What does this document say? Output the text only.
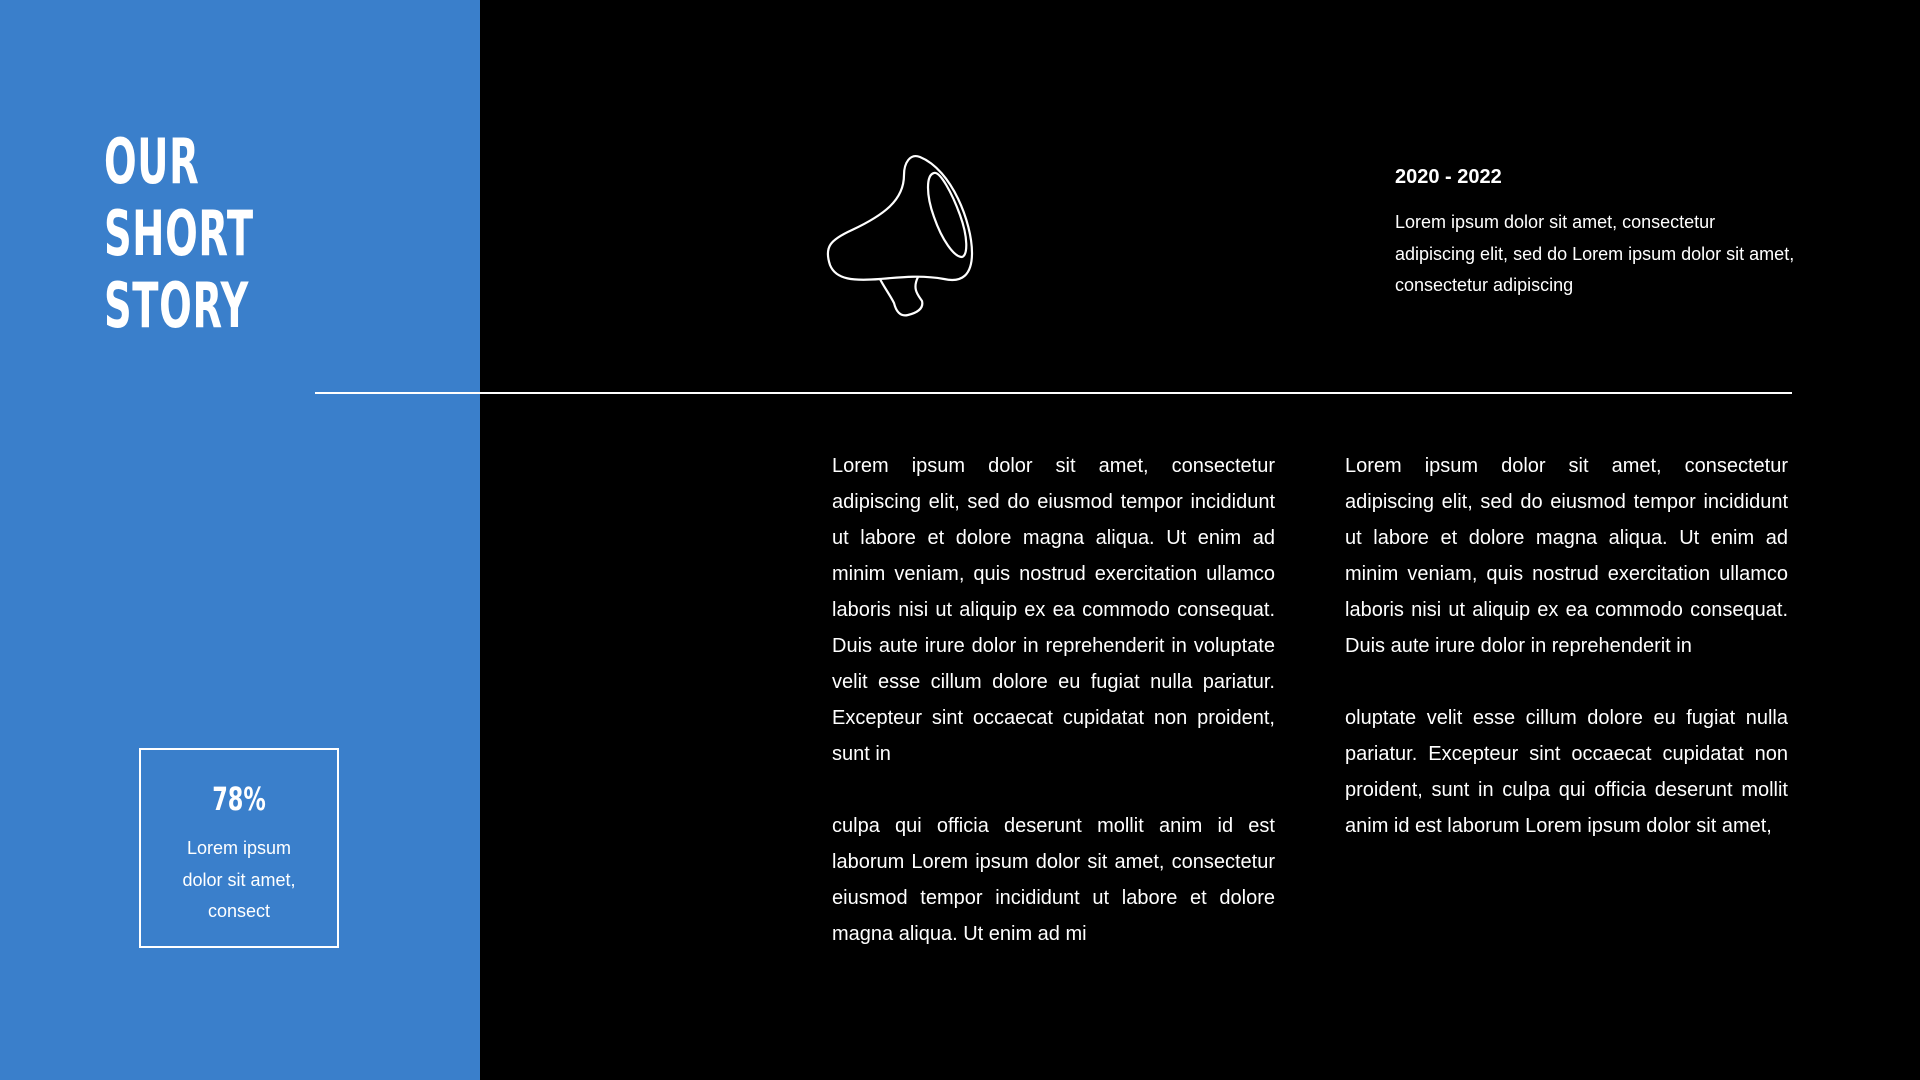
OUR
SHORT
STORY

2020 - 2022

Lorem ipsum dolor sit amet, consectetur adipiscing elit, sed do Lorem ipsum dolor sit amet, consectetur adipiscing

Lorem ipsum dolor sit amet, consectetur adipiscing elit, sed do eiusmod tempor incididunt ut labore et dolore magna aliqua. Ut enim ad minim veniam, quis nostrud exercitation ullamco laboris nisi ut aliquip ex ea commodo consequat. Duis aute irure dolor in reprehenderit in voluptate velit esse cillum dolore eu fugiat nulla pariatur. Excepteur sint occaecat cupidatat non proident, sunt in

culpa qui officia deserunt mollit anim id est laborum Lorem ipsum dolor sit amet, consectetur eiusmod tempor incididunt ut labore et dolore magna aliqua. Ut enim ad mi

Lorem ipsum dolor sit amet, consectetur adipiscing elit, sed do eiusmod tempor incididunt ut labore et dolore magna aliqua. Ut enim ad minim veniam, quis nostrud exercitation ullamco laboris nisi ut aliquip ex ea commodo consequat. Duis aute irure dolor in reprehenderit in

oluptate velit esse cillum dolore eu fugiat nulla pariatur. Excepteur sint occaecat cupidatat non proident, sunt in culpa qui officia deserunt mollit anim id est laborum Lorem ipsum dolor sit amet,

78%
Lorem ipsum dolor sit amet, consect
